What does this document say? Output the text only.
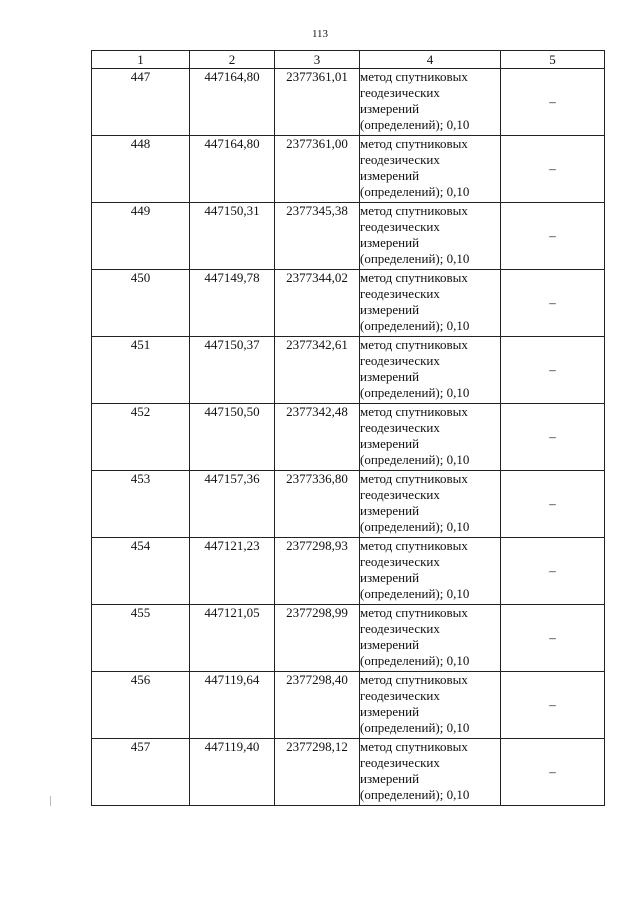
113
1	2	3	4	5
447	447164,80	2377361,01	метод спутниковых
геодезических
измерений
(определений); 0,10	–
448	447164,80	2377361,00	метод спутниковых
геодезических
измерений
(определений); 0,10	–
449	447150,31	2377345,38	метод спутниковых
геодезических
измерений
(определений); 0,10	–
450	447149,78	2377344,02	метод спутниковых
геодезических
измерений
(определений); 0,10	–
451	447150,37	2377342,61	метод спутниковых
геодезических
измерений
(определений); 0,10	–
452	447150,50	2377342,48	метод спутниковых
геодезических
измерений
(определений); 0,10	–
453	447157,36	2377336,80	метод спутниковых
геодезических
измерений
(определений); 0,10	–
454	447121,23	2377298,93	метод спутниковых
геодезических
измерений
(определений); 0,10	–
455	447121,05	2377298,99	метод спутниковых
геодезических
измерений
(определений); 0,10	–
456	447119,64	2377298,40	метод спутниковых
геодезических
измерений
(определений); 0,10	–
457	447119,40	2377298,12	метод спутниковых
геодезических
измерений
(определений); 0,10	–
